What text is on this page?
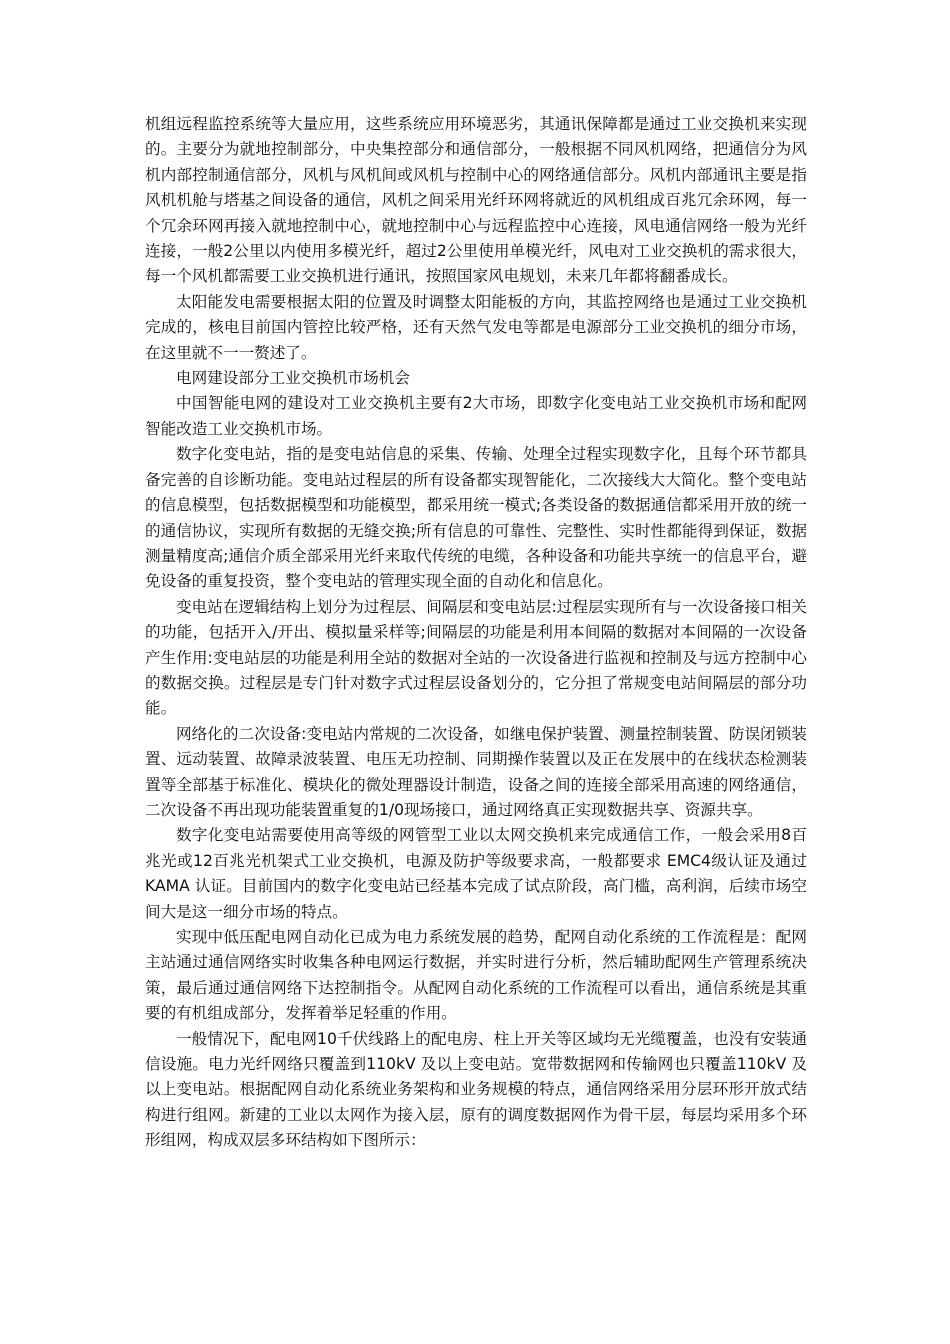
机组远程监控系统等大量应用，这些系统应用环境恶劣，其通讯保障都是通过工业交换机来实现的。主要分为就地控制部分，中央集控部分和通信部分，一般根据不同风机网络，把通信分为风机内部控制通信部分，风机与风机间或风机与控制中心的网络通信部分。风机内部通讯主要是指风机机舱与塔基之间设备的通信，风机之间采用光纤环网将就近的风机组成百兆冗余环网，每一个冗余环网再接入就地控制中心，就地控制中心与远程监控中心连接，风电通信网络一般为光纤连接，一般2公里以内使用多模光纤，超过2公里使用单模光纤，风电对工业交换机的需求很大，每一个风机都需要工业交换机进行通讯，按照国家风电规划，未来几年都将翻番成长。

太阳能发电需要根据太阳的位置及时调整太阳能板的方向，其监控网络也是通过工业交换机完成的，核电目前国内管控比较严格，还有天然气发电等都是电源部分工业交换机的细分市场，在这里就不一一赘述了。

电网建设部分工业交换机市场机会

中国智能电网的建设对工业交换机主要有2大市场，即数字化变电站工业交换机市场和配网智能改造工业交换机市场。

数字化变电站，指的是变电站信息的采集、传输、处理全过程实现数字化，且每个环节都具备完善的自诊断功能。变电站过程层的所有设备都实现智能化，二次接线大大简化。整个变电站的信息模型，包括数据模型和功能模型，都采用统一模式;各类设备的数据通信都采用开放的统一的通信协议，实现所有数据的无缝交换;所有信息的可靠性、完整性、实时性都能得到保证，数据测量精度高;通信介质全部采用光纤来取代传统的电缆，各种设备和功能共享统一的信息平台，避免设备的重复投资，整个变电站的管理实现全面的自动化和信息化。

变电站在逻辑结构上划分为过程层、间隔层和变电站层:过程层实现所有与一次设备接口相关的功能，包括开入/开出、模拟量采样等;间隔层的功能是利用本间隔的数据对本间隔的一次设备产生作用:变电站层的功能是利用全站的数据对全站的一次设备进行监视和控制及与远方控制中心的数据交换。过程层是专门针对数字式过程层设备划分的，它分担了常规变电站间隔层的部分功能。

网络化的二次设备:变电站内常规的二次设备，如继电保护装置、测量控制装置、防误闭锁装置、远动装置、故障录波装置、电压无功控制、同期操作装置以及正在发展中的在线状态检测装置等全部基于标准化、模块化的微处理器设计制造，设备之间的连接全部采用高速的网络通信，二次设备不再出现功能装置重复的1/0现场接口，通过网络真正实现数据共享、资源共享。

数字化变电站需要使用高等级的网管型工业以太网交换机来完成通信工作，一般会采用8百兆光或12百兆光机架式工业交换机，电源及防护等级要求高，一般都要求 EMC4级认证及通过 KAMA 认证。目前国内的数字化变电站已经基本完成了试点阶段，高门槛，高利润，后续市场空间大是这一细分市场的特点。

实现中低压配电网自动化已成为电力系统发展的趋势，配网自动化系统的工作流程是：配网主站通过通信网络实时收集各种电网运行数据，并实时进行分析，然后辅助配网生产管理系统决策，最后通过通信网络下达控制指令。从配网自动化系统的工作流程可以看出，通信系统是其重要的有机组成部分，发挥着举足轻重的作用。

一般情况下，配电网10千伏线路上的配电房、柱上开关等区域均无光缆覆盖，也没有安装通信设施。电力光纤网络只覆盖到110kV 及以上变电站。宽带数据网和传输网也只覆盖110kV 及以上变电站。根据配网自动化系统业务架构和业务规模的特点，通信网络采用分层环形开放式结构进行组网。新建的工业以太网作为接入层，原有的调度数据网作为骨干层，每层均采用多个环形组网，构成双层多环结构如下图所示：
